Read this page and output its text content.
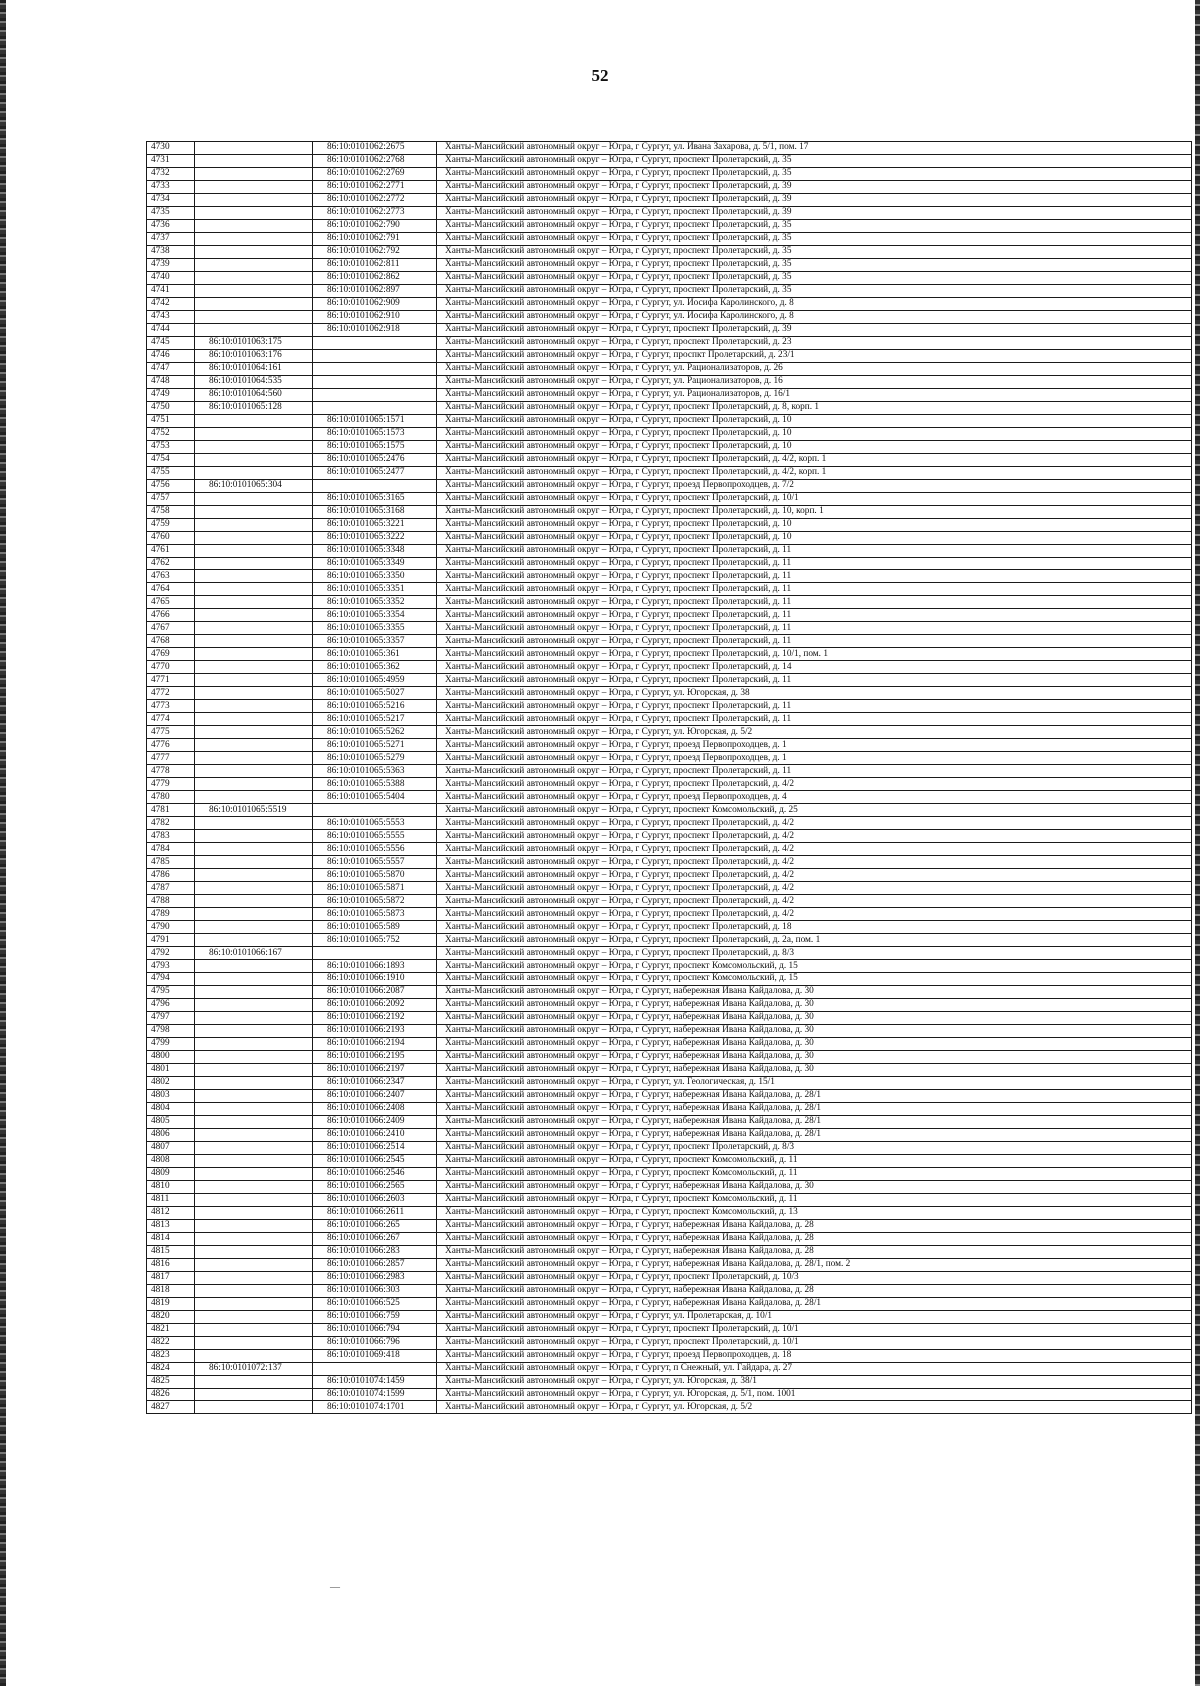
52
4730		86:10:0101062:2675	Ханты-Мансийский автономный округ – Югра, г Сургут, ул. Ивана Захарова, д. 5/1, пом. 17
4731		86:10:0101062:2768	Ханты-Мансийский автономный округ – Югра, г Сургут, проспект Пролетарский, д. 35
4732		86:10:0101062:2769	Ханты-Мансийский автономный округ – Югра, г Сургут, проспект Пролетарский, д. 35
4733		86:10:0101062:2771	Ханты-Мансийский автономный округ – Югра, г Сургут, проспект Пролетарский, д. 39
4734		86:10:0101062:2772	Ханты-Мансийский автономный округ – Югра, г Сургут, проспект Пролетарский, д. 39
4735		86:10:0101062:2773	Ханты-Мансийский автономный округ – Югра, г Сургут, проспект Пролетарский, д. 39
4736		86:10:0101062:790	Ханты-Мансийский автономный округ – Югра, г Сургут, проспект Пролетарский, д. 35
4737		86:10:0101062:791	Ханты-Мансийский автономный округ – Югра, г Сургут, проспект Пролетарский, д. 35
4738		86:10:0101062:792	Ханты-Мансийский автономный округ – Югра, г Сургут, проспект Пролетарский, д. 35
4739		86:10:0101062:811	Ханты-Мансийский автономный округ – Югра, г Сургут, проспект Пролетарский, д. 35
4740		86:10:0101062:862	Ханты-Мансийский автономный округ – Югра, г Сургут, проспект Пролетарский, д. 35
4741		86:10:0101062:897	Ханты-Мансийский автономный округ – Югра, г Сургут, проспект Пролетарский, д. 35
4742		86:10:0101062:909	Ханты-Мансийский автономный округ – Югра, г Сургут, ул. Иосифа Каролинского, д. 8
4743		86:10:0101062:910	Ханты-Мансийский автономный округ – Югра, г Сургут, ул. Иосифа Каролинского, д. 8
4744		86:10:0101062:918	Ханты-Мансийский автономный округ – Югра, г Сургут, проспект Пролетарский, д. 39
4745	86:10:0101063:175		Ханты-Мансийский автономный округ – Югра, г Сургут, проспект Пролетарский, д. 23
4746	86:10:0101063:176		Ханты-Мансийский автономный округ – Югра, г Сургут, проспкт Пролетарский, д. 23/1
4747	86:10:0101064:161		Ханты-Мансийский автономный округ – Югра, г Сургут, ул. Рационализаторов, д. 26
4748	86:10:0101064:535		Ханты-Мансийский автономный округ – Югра, г Сургут, ул. Рационализаторов, д. 16
4749	86:10:0101064:560		Ханты-Мансийский автономный округ – Югра, г Сургут, ул. Рационализаторов, д. 16/1
4750	86:10:0101065:128		Ханты-Мансийский автономный округ – Югра, г Сургут, проспект Пролетарский, д. 8, корп. 1
4751		86:10:0101065:1571	Ханты-Мансийский автономный округ – Югра, г Сургут, проспект Пролетарский, д. 10
4752		86:10:0101065:1573	Ханты-Мансийский автономный округ – Югра, г Сургут, проспект Пролетарский, д. 10
4753		86:10:0101065:1575	Ханты-Мансийский автономный округ – Югра, г Сургут, проспект Пролетарский, д. 10
4754		86:10:0101065:2476	Ханты-Мансийский автономный округ – Югра, г Сургут, проспект Пролетарский, д. 4/2, корп. 1
4755		86:10:0101065:2477	Ханты-Мансийский автономный округ – Югра, г Сургут, проспект Пролетарский, д. 4/2, корп. 1
4756	86:10:0101065:304		Ханты-Мансийский автономный округ – Югра, г Сургут, проезд Первопроходцев, д. 7/2
4757		86:10:0101065:3165	Ханты-Мансийский автономный округ – Югра, г Сургут, проспект Пролетарский, д. 10/1
4758		86:10:0101065:3168	Ханты-Мансийский автономный округ – Югра, г Сургут, проспект Пролетарский, д. 10, корп. 1
4759		86:10:0101065:3221	Ханты-Мансийский автономный округ – Югра, г Сургут, проспект Пролетарский, д. 10
4760		86:10:0101065:3222	Ханты-Мансийский автономный округ – Югра, г Сургут, проспект Пролетарский, д. 10
4761		86:10:0101065:3348	Ханты-Мансийский автономный округ – Югра, г Сургут, проспект Пролетарский, д. 11
4762		86:10:0101065:3349	Ханты-Мансийский автономный округ – Югра, г Сургут, проспект Пролетарский, д. 11
4763		86:10:0101065:3350	Ханты-Мансийский автономный округ – Югра, г Сургут, проспект Пролетарский, д. 11
4764		86:10:0101065:3351	Ханты-Мансийский автономный округ – Югра, г Сургут, проспект Пролетарский, д. 11
4765		86:10:0101065:3352	Ханты-Мансийский автономный округ – Югра, г Сургут, проспект Пролетарский, д. 11
4766		86:10:0101065:3354	Ханты-Мансийский автономный округ – Югра, г Сургут, проспект Пролетарский, д. 11
4767		86:10:0101065:3355	Ханты-Мансийский автономный округ – Югра, г Сургут, проспект Пролетарский, д. 11
4768		86:10:0101065:3357	Ханты-Мансийский автономный округ – Югра, г Сургут, проспект Пролетарский, д. 11
4769		86:10:0101065:361	Ханты-Мансийский автономный округ – Югра, г Сургут, проспект Пролетарский, д. 10/1, пом. 1
4770		86:10:0101065:362	Ханты-Мансийский автономный округ – Югра, г Сургут, проспект Пролетарский, д. 14
4771		86:10:0101065:4959	Ханты-Мансийский автономный округ – Югра, г Сургут, проспект Пролетарский, д. 11
4772		86:10:0101065:5027	Ханты-Мансийский автономный округ – Югра, г Сургут, ул. Югорская, д. 38
4773		86:10:0101065:5216	Ханты-Мансийский автономный округ – Югра, г Сургут, проспект Пролетарский, д. 11
4774		86:10:0101065:5217	Ханты-Мансийский автономный округ – Югра, г Сургут, проспект Пролетарский, д. 11
4775		86:10:0101065:5262	Ханты-Мансийский автономный округ – Югра, г Сургут, ул. Югорская, д. 5/2
4776		86:10:0101065:5271	Ханты-Мансийский автономный округ – Югра, г Сургут, проезд Первопроходцев, д. 1
4777		86:10:0101065:5279	Ханты-Мансийский автономный округ – Югра, г Сургут, проезд Первопроходцев, д. 1
4778		86:10:0101065:5363	Ханты-Мансийский автономный округ – Югра, г Сургут, проспект Пролетарский, д. 11
4779		86:10:0101065:5388	Ханты-Мансийский автономный округ – Югра, г Сургут, проспект Пролетарский, д. 4/2
4780		86:10:0101065:5404	Ханты-Мансийский автономный округ – Югра, г Сургут, проезд Первопроходцев, д. 4
4781	86:10:0101065:5519		Ханты-Мансийский автономный округ – Югра, г Сургут, проспект Комсомольский, д. 25
4782		86:10:0101065:5553	Ханты-Мансийский автономный округ – Югра, г Сургут, проспект Пролетарский, д. 4/2
4783		86:10:0101065:5555	Ханты-Мансийский автономный округ – Югра, г Сургут, проспект Пролетарский, д. 4/2
4784		86:10:0101065:5556	Ханты-Мансийский автономный округ – Югра, г Сургут, проспект Пролетарский, д. 4/2
4785		86:10:0101065:5557	Ханты-Мансийский автономный округ – Югра, г Сургут, проспект Пролетарский, д. 4/2
4786		86:10:0101065:5870	Ханты-Мансийский автономный округ – Югра, г Сургут, проспект Пролетарский, д. 4/2
4787		86:10:0101065:5871	Ханты-Мансийский автономный округ – Югра, г Сургут, проспект Пролетарский, д. 4/2
4788		86:10:0101065:5872	Ханты-Мансийский автономный округ – Югра, г Сургут, проспект Пролетарский, д. 4/2
4789		86:10:0101065:5873	Ханты-Мансийский автономный округ – Югра, г Сургут, проспект Пролетарский, д. 4/2
4790		86:10:0101065:589	Ханты-Мансийский автономный округ – Югра, г Сургут, проспект Пролетарский, д. 18
4791		86:10:0101065:752	Ханты-Мансийский автономный округ – Югра, г Сургут, проспект Пролетарский, д. 2а, пом. 1
4792	86:10:0101066:167		Ханты-Мансийский автономный округ – Югра, г Сургут, проспект Пролетарский, д. 8/3
4793		86:10:0101066:1893	Ханты-Мансийский автономный округ – Югра, г Сургут, проспект Комсомольский, д. 15
4794		86:10:0101066:1910	Ханты-Мансийский автономный округ – Югра, г Сургут, проспект Комсомольский, д. 15
4795		86:10:0101066:2087	Ханты-Мансийский автономный округ – Югра, г Сургут, набережная Ивана Кайдалова, д. 30
4796		86:10:0101066:2092	Ханты-Мансийский автономный округ – Югра, г Сургут, набережная Ивана Кайдалова, д. 30
4797		86:10:0101066:2192	Ханты-Мансийский автономный округ – Югра, г Сургут, набережная Ивана Кайдалова, д. 30
4798		86:10:0101066:2193	Ханты-Мансийский автономный округ – Югра, г Сургут, набережная Ивана Кайдалова, д. 30
4799		86:10:0101066:2194	Ханты-Мансийский автономный округ – Югра, г Сургут, набережная Ивана Кайдалова, д. 30
4800		86:10:0101066:2195	Ханты-Мансийский автономный округ – Югра, г Сургут, набережная Ивана Кайдалова, д. 30
4801		86:10:0101066:2197	Ханты-Мансийский автономный округ – Югра, г Сургут, набережная Ивана Кайдалова, д. 30
4802		86:10:0101066:2347	Ханты-Мансийский автономный округ – Югра, г Сургут, ул. Геологическая, д. 15/1
4803		86:10:0101066:2407	Ханты-Мансийский автономный округ – Югра, г Сургут, набережная Ивана Кайдалова, д. 28/1
4804		86:10:0101066:2408	Ханты-Мансийский автономный округ – Югра, г Сургут, набережная Ивана Кайдалова, д. 28/1
4805		86:10:0101066:2409	Ханты-Мансийский автономный округ – Югра, г Сургут, набережная Ивана Кайдалова, д. 28/1
4806		86:10:0101066:2410	Ханты-Мансийский автономный округ – Югра, г Сургут, набережная Ивана Кайдалова, д. 28/1
4807		86:10:0101066:2514	Ханты-Мансийский автономный округ – Югра, г Сургут, проспект Пролетарский, д. 8/3
4808		86:10:0101066:2545	Ханты-Мансийский автономный округ – Югра, г Сургут, проспект Комсомольский, д. 11
4809		86:10:0101066:2546	Ханты-Мансийский автономный округ – Югра, г Сургут, проспект Комсомольский, д. 11
4810		86:10:0101066:2565	Ханты-Мансийский автономный округ – Югра, г Сургут, набережная Ивана Кайдалова, д. 30
4811		86:10:0101066:2603	Ханты-Мансийский автономный округ – Югра, г Сургут, проспект Комсомольский, д. 11
4812		86:10:0101066:2611	Ханты-Мансийский автономный округ – Югра, г Сургут, проспект Комсомольский, д. 13
4813		86:10:0101066:265	Ханты-Мансийский автономный округ – Югра, г Сургут, набережная Ивана Кайдалова, д. 28
4814		86:10:0101066:267	Ханты-Мансийский автономный округ – Югра, г Сургут, набережная Ивана Кайдалова, д. 28
4815		86:10:0101066:283	Ханты-Мансийский автономный округ – Югра, г Сургут, набережная Ивана Кайдалова, д. 28
4816		86:10:0101066:2857	Ханты-Мансийский автономный округ – Югра, г Сургут, набережная Ивана Кайдалова, д. 28/1, пом. 2
4817		86:10:0101066:2983	Ханты-Мансийский автономный округ – Югра, г Сургут, проспект Пролетарский, д. 10/3
4818		86:10:0101066:303	Ханты-Мансийский автономный округ – Югра, г Сургут, набережная Ивана Кайдалова, д. 28
4819		86:10:0101066:525	Ханты-Мансийский автономный округ – Югра, г Сургут, набережная Ивана Кайдалова, д. 28/1
4820		86:10:0101066:759	Ханты-Мансийский автономный округ – Югра, г Сургут, ул. Пролетарская, д. 10/1
4821		86:10:0101066:794	Ханты-Мансийский автономный округ – Югра, г Сургут, проспект Пролетарский, д. 10/1
4822		86:10:0101066:796	Ханты-Мансийский автономный округ – Югра, г Сургут, проспект Пролетарский, д. 10/1
4823		86:10:0101069:418	Ханты-Мансийский автономный округ – Югра, г Сургут, проезд Первопроходцев, д. 18
4824	86:10:0101072:137		Ханты-Мансийский автономный округ – Югра, г Сургут, п Снежный, ул. Гайдара, д. 27
4825		86:10:0101074:1459	Ханты-Мансийский автономный округ – Югра, г Сургут, ул. Югорская, д. 38/1
4826		86:10:0101074:1599	Ханты-Мансийский автономный округ – Югра, г Сургут, ул. Югорская, д. 5/1, пом. 1001
4827		86:10:0101074:1701	Ханты-Мансийский автономный округ – Югра, г Сургут, ул. Югорская, д. 5/2
—
